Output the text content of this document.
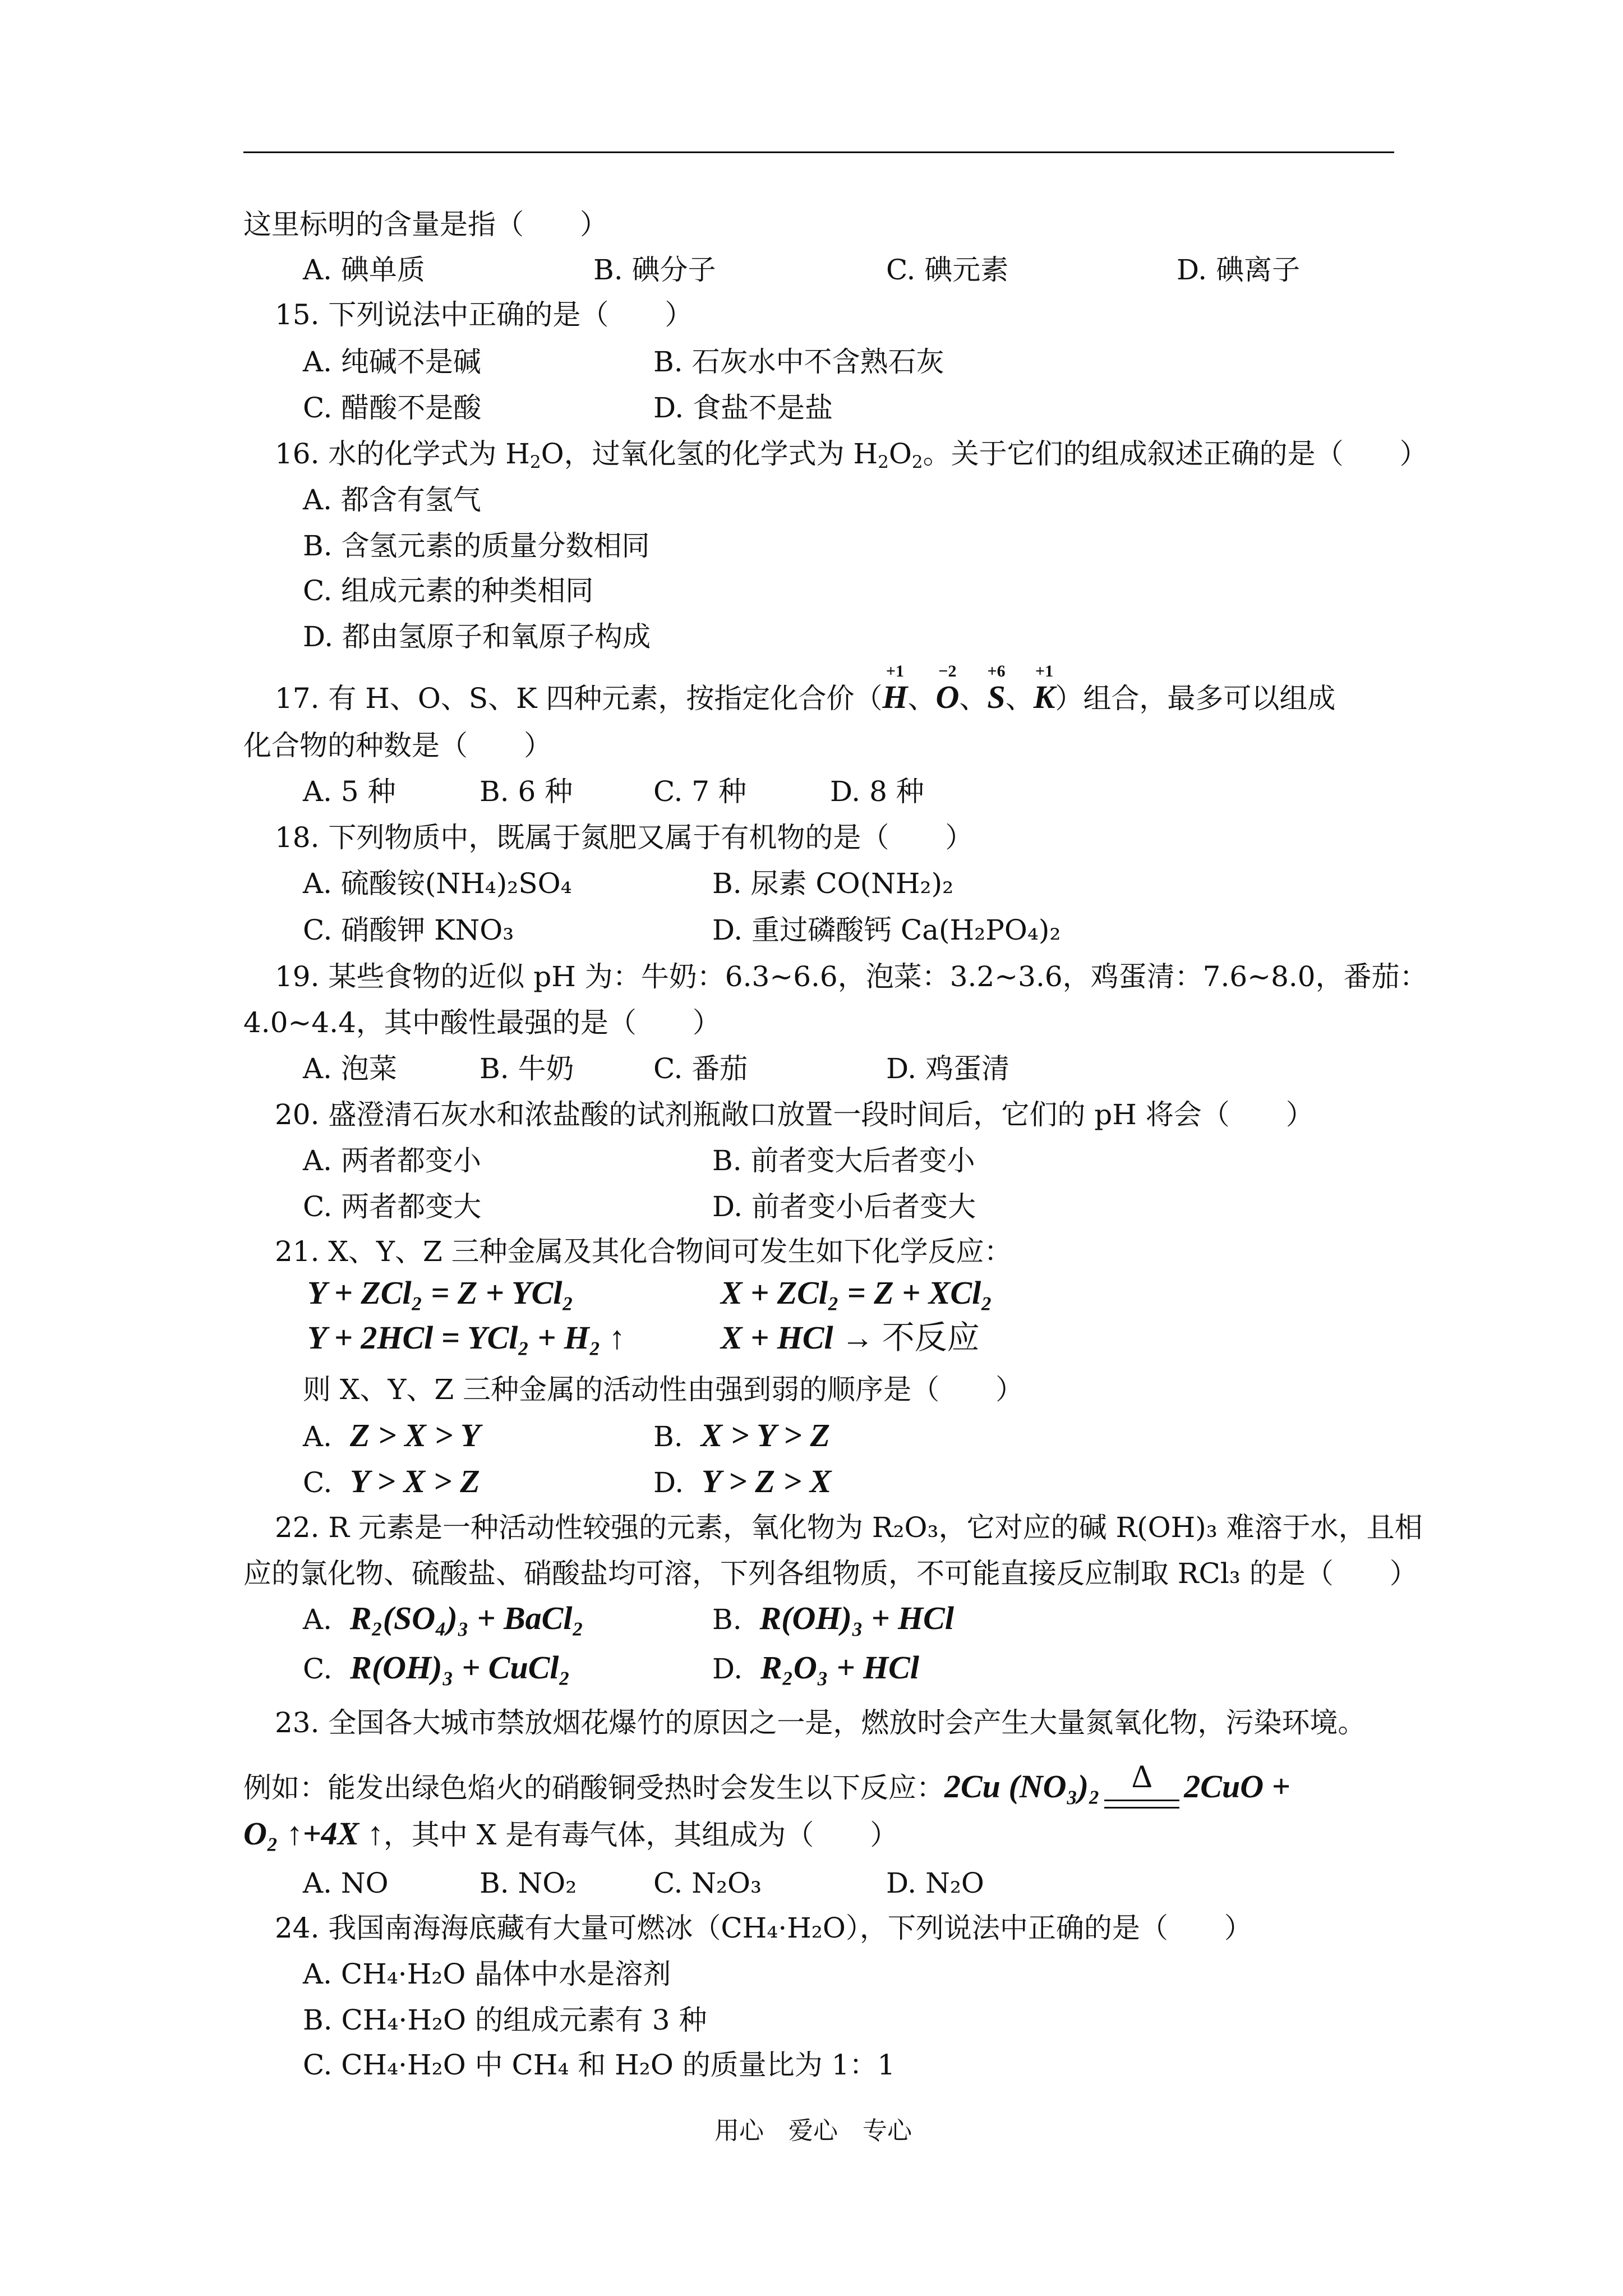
这里标明的含量是指（　　）
A. 碘单质	B. 碘分子	C. 碘元素	D. 碘离子
15. 下列说法中正确的是（　　）
A. 纯碱不是碱	B. 石灰水中不含熟石灰
C. 醋酸不是酸	D. 食盐不是盐
16. 水的化学式为 $H_2O$，过氧化氢的化学式为 $H_2O_2$。关于它们的组成叙述正确的是（　　）
A. 都含有氢气
B. 含氢元素的质量分数相同
C. 组成元素的种类相同
D. 都由氢原子和氧原子构成
17. 有 H、O、S、K 四种元素，按指定化合价（
+1
H、
−2
O、
+6
S、
+1
K）组合，最多可以组成
化合物的种数是（　　）
A. 5 种	B. 6 种	C. 7 种	D. 8 种
18. 下列物质中，既属于氮肥又属于有机物的是（　　）
A. 硫酸铵(NH₄)₂SO₄	B. 尿素 CO(NH₂)₂
C. 硝酸钾 KNO₃	D. 重过磷酸钙 Ca(H₂PO₄)₂
19. 某些食物的近似 pH 为：牛奶：6.3~6.6，泡菜：3.2~3.6，鸡蛋清：7.6~8.0，番茄：
4.0~4.4，其中酸性最强的是（　　）
A. 泡菜	B. 牛奶	C. 番茄	D. 鸡蛋清
20. 盛澄清石灰水和浓盐酸的试剂瓶敞口放置一段时间后，它们的 pH 将会（　　）
A. 两者都变小	B. 前者变大后者变小
C. 两者都变大	D. 前者变小后者变大
21. X、Y、Z 三种金属及其化合物间可发生如下化学反应：
Y + ZCl₂ = Z + YCl₂	X + ZCl₂ = Z + XCl₂
Y + 2HCl = YCl₂ + H₂ ↑	X + HCl → 不反应
则 X、Y、Z 三种金属的活动性由强到弱的顺序是（　　）
A. Z > X > Y	B. X > Y > Z
C. Y > X > Z	D. Y > Z > X
22. R 元素是一种活动性较强的元素，氧化物为 R₂O₃，它对应的碱 R(OH)₃ 难溶于水，且相
应的氯化物、硫酸盐、硝酸盐均可溶，下列各组物质，不可能直接反应制取 RCl₃ 的是（　　）
A. R₂(SO₄)₃ + BaCl₂	B. R(OH)₃ + HCl
C. R(OH)₃ + CuCl₂	D. R₂O₃ + HCl
23. 全国各大城市禁放烟花爆竹的原因之一是，燃放时会产生大量氮氧化物，污染环境。
例如：能发出绿色焰火的硝酸铜受热时会发生以下反应：2Cu (NO₃)₂ Δ 2CuO +
O₂ ↑+4X ↑，其中 X 是有毒气体，其组成为（　　）
A. NO	B. NO₂	C. N₂O₃	D. N₂O
24. 我国南海海底藏有大量可燃冰（CH₄·H₂O），下列说法中正确的是（　　）
A. CH₄·H₂O 晶体中水是溶剂
B. CH₄·H₂O 的组成元素有 3 种
C. CH₄·H₂O 中 CH₄ 和 H₂O 的质量比为 1：1
用心　爱心　专心
